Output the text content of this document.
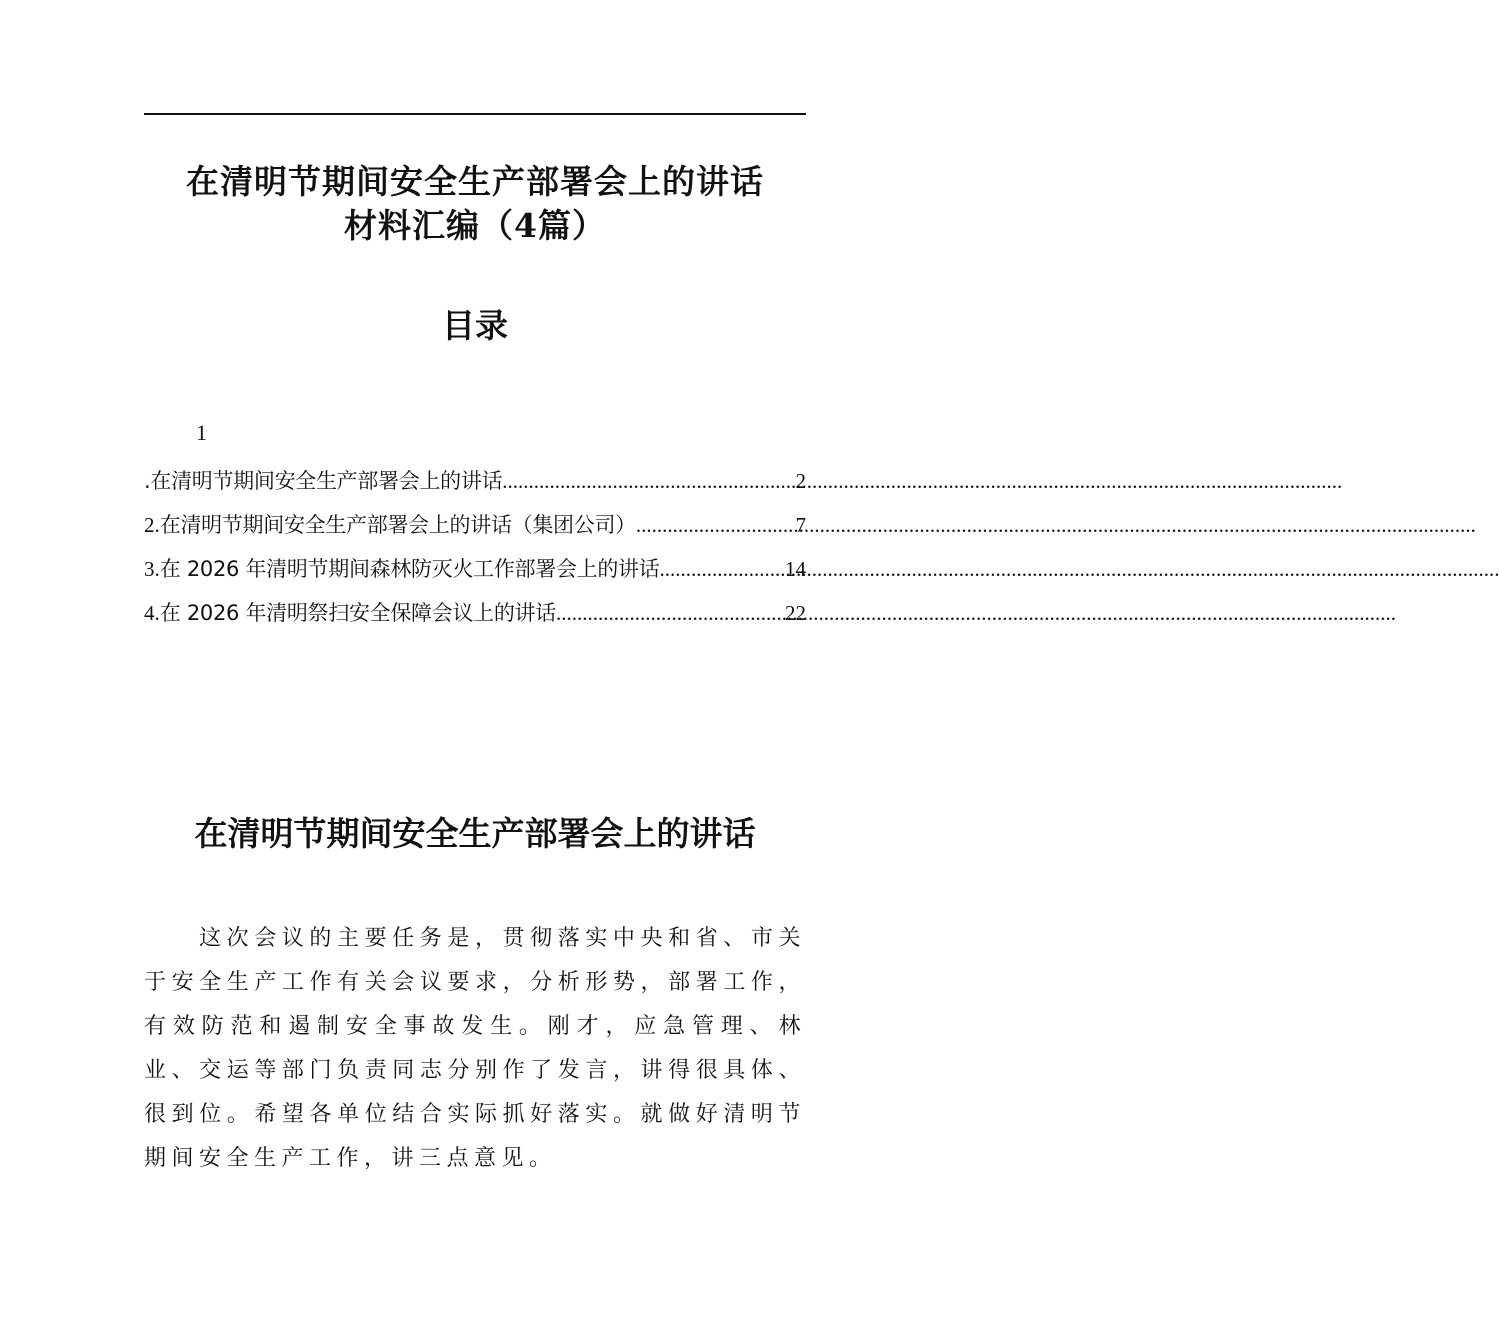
在清明节期间安全生产部署会上的讲话
材料汇编（4篇）
目录
1
.在清明节期间安全生产部署会上的讲话 .....	2
2. 在清明节期间安全生产部署会上的讲话（集团公司） .....	7
3. 在 2026 年清明节期间森林防灭火工作部署会上的讲话 .....	14
4. 在 2026 年清明祭扫安全保障会议上的讲话 .....	22
在清明节期间安全生产部署会上的讲话
这次会议的主要任务是，贯彻落实中央和省、市关于安全生产工作有关会议要求，分析形势，部署工作，有效防范和遏制安全事故发生。刚才，应急管理、林业、交运等部门负责同志分别作了发言，讲得很具体、很到位。希望各单位结合实际抓好落实。就做好清明节期间安全生产工作，讲三点意见。
